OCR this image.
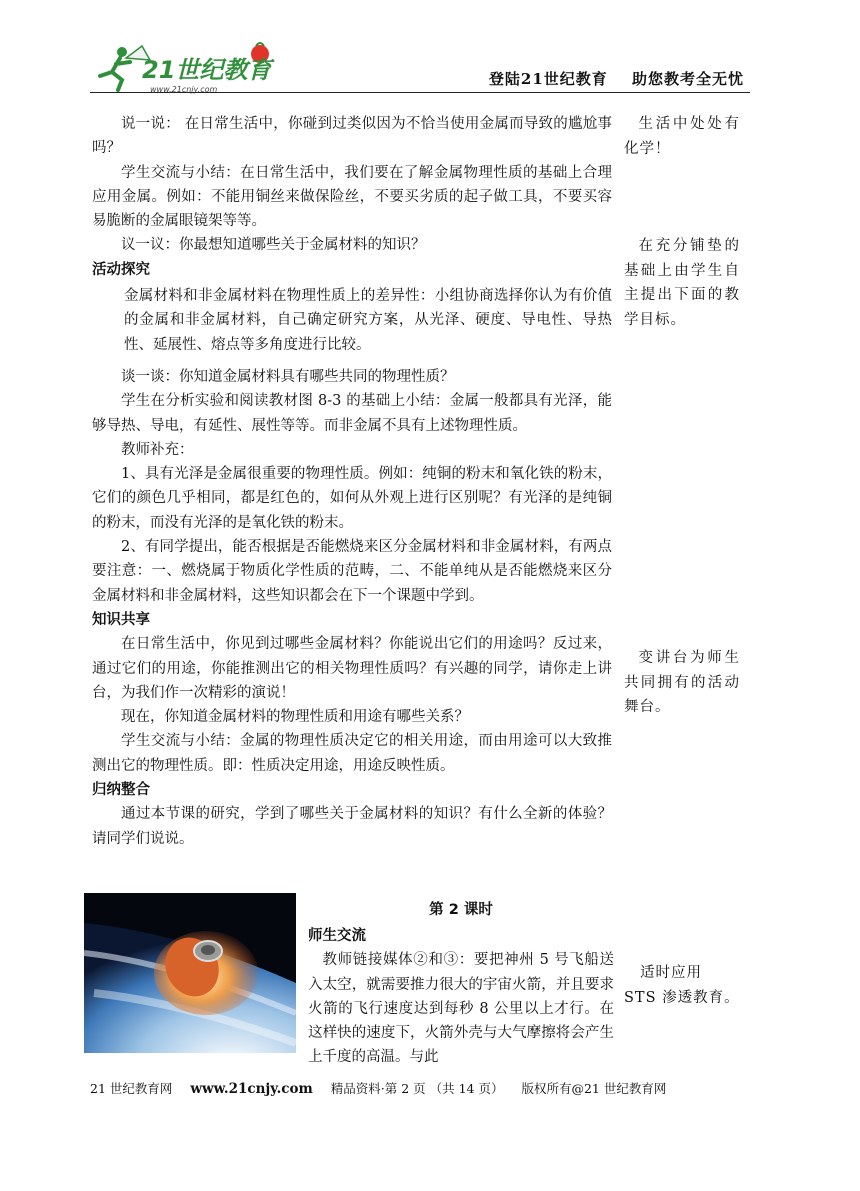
21世纪教育
www.21cnjy.com
登陆21世纪教育 助您教考全无忧

说一说： 在日常生活中，你碰到过类似因为不恰当使用金属而导致的尴尬事吗？

学生交流与小结：在日常生活中，我们要在了解金属物理性质的基础上合理应用金属。例如：不能用铜丝来做保险丝，不要买劣质的起子做工具，不要买容易脆断的金属眼镜架等等。

议一议：你最想知道哪些关于金属材料的知识？

活动探究

金属材料和非金属材料在物理性质上的差异性：小组协商选择你认为有价值的金属和非金属材料，自己确定研究方案，从光泽、硬度、导电性、导热性、延展性、熔点等多角度进行比较。

谈一谈：你知道金属材料具有哪些共同的物理性质？

学生在分析实验和阅读教材图 8-3 的基础上小结：金属一般都具有光泽，能够导热、导电，有延性、展性等等。而非金属不具有上述物理性质。

教师补充：

1、具有光泽是金属很重要的物理性质。例如：纯铜的粉末和氧化铁的粉末，它们的颜色几乎相同，都是红色的，如何从外观上进行区别呢？有光泽的是纯铜的粉末，而没有光泽的是氧化铁的粉末。

2、有同学提出，能否根据是否能燃烧来区分金属材料和非金属材料，有两点要注意：一、燃烧属于物质化学性质的范畴，二、不能单纯从是否能燃烧来区分金属材料和非金属材料，这些知识都会在下一个课题中学到。

知识共享

在日常生活中，你见到过哪些金属材料？你能说出它们的用途吗？反过来，通过它们的用途，你能推测出它的相关物理性质吗？有兴趣的同学，请你走上讲台，为我们作一次精彩的演说！

现在，你知道金属材料的物理性质和用途有哪些关系？

学生交流与小结：金属的物理性质决定它的相关用途，而由用途可以大致推测出它的物理性质。即：性质决定用途，用途反映性质。

归纳整合

通过本节课的研究，学到了哪些关于金属材料的知识？有什么全新的体验？请同学们说说。

生活中处处有化学！
在充分铺垫的基础上由学生自主提出下面的教学目标。
变讲台为师生共同拥有的活动舞台。
适时应用
STS 渗透教育。

第 2 课时

师生交流

教师链接媒体②和③：要把神州 5 号飞船送入太空，就需要推力很大的宇宙火箭，并且要求火箭的飞行速度达到每秒 8 公里以上才行。在这样快的速度下，火箭外壳与大气摩擦将会产生上千度的高温。与此

21 世纪教育网 www.21cnjy.com 精品资料·第 2 页 （共 14 页） 版权所有@21 世纪教育网
